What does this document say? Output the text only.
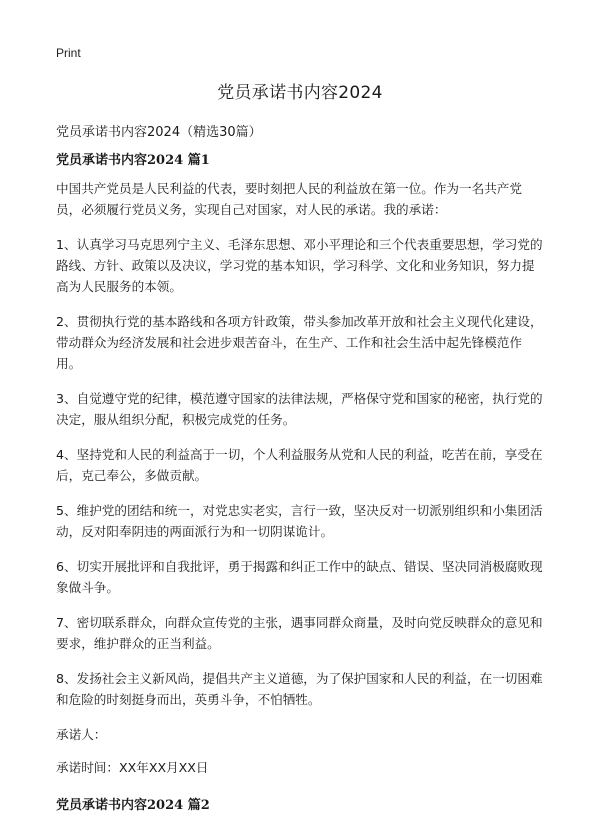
Print
党员承诺书内容2024

党员承诺书内容2024（精选30篇）

党员承诺书内容2024 篇1

中国共产党员是人民利益的代表，要时刻把人民的利益放在第一位。作为一名共产党员，必须履行党员义务，实现自己对国家，对人民的承诺。我的承诺：

1、认真学习马克思列宁主义、毛泽东思想、邓小平理论和三个代表重要思想，学习党的路线、方针、政策以及决议，学习党的基本知识，学习科学、文化和业务知识，努力提高为人民服务的本领。

2、贯彻执行党的基本路线和各项方针政策，带头参加改革开放和社会主义现代化建设，带动群众为经济发展和社会进步艰苦奋斗，在生产、工作和社会生活中起先锋模范作用。

3、自觉遵守党的纪律，模范遵守国家的法律法规，严格保守党和国家的秘密，执行党的决定，服从组织分配，积极完成党的任务。

4、坚持党和人民的利益高于一切，个人利益服务从党和人民的利益，吃苦在前，享受在后，克己奉公，多做贡献。

5、维护党的团结和统一，对党忠实老实，言行一致，坚决反对一切派别组织和小集团活动，反对阳奉阴违的两面派行为和一切阴谋诡计。

6、切实开展批评和自我批评，勇于揭露和纠正工作中的缺点、错误、坚决同消极腐败现象做斗争。

7、密切联系群众，向群众宣传党的主张，遇事同群众商量，及时向党反映群众的意见和要求，维护群众的正当利益。

8、发扬社会主义新风尚，提倡共产主义道德，为了保护国家和人民的利益，在一切困难和危险的时刻挺身而出，英勇斗争，不怕牺牲。

承诺人：

承诺时间：XX年XX月XX日

党员承诺书内容2024 篇2
